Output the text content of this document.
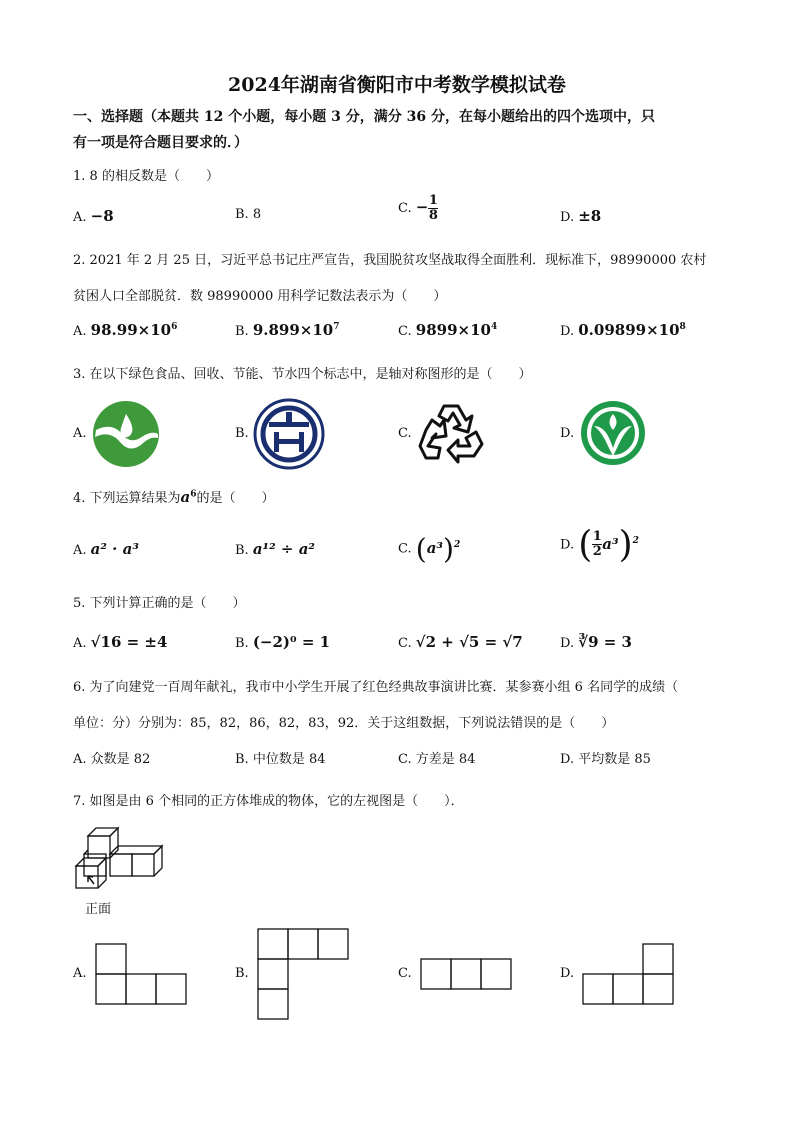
2024年湖南省衡阳市中考数学模拟试卷
一、选择题（本题共 12 个小题，每小题 3 分，满分 36 分，在每小题给出的四个选项中，只
有一项是符合题目要求的．）
1. 8 的相反数是（　　）
A. −8	B. 8	C. − $\frac{1}{8}$	D. ±8
2. 2021 年 2 月 25 日，习近平总书记庄严宣告，我国脱贫攻坚战取得全面胜利．现标准下，98990000 农村
贫困人口全部脱贫．数 98990000 用科学记数法表示为（　　）
A. $98.99\times 10^6$	B. $9.899\times 10^7$	C. $9899\times 10^4$	D. $0.09899\times 10^8$
3. 在以下绿色食品、回收、节能、节水四个标志中，是轴对称图形的是（　　）
A.	B.	C.	D.
4. 下列运算结果为$a^6$的是（　　）
A. a² · a³	B. a¹² ÷ a²	C. $(a^3)^2$	D. ( $\frac{1}{2} a^3)^2$
5. 下列计算正确的是（　　）
A. √16 = ±4	B. (−2)⁰ = 1	C. √2 + √5 = √7	D. ∛9 = 3
6. 为了向建党一百周年献礼，我市中小学生开展了红色经典故事演讲比赛．某参赛小组 6 名同学的成绩（
单位：分）分别为：85，82，86，82，83，92．关于这组数据，下列说法错误的是（　　）
A. 众数是 82	B. 中位数是 84	C. 方差是 84	D. 平均数是 85
7. 如图是由 6 个相同的正方体堆成的物体，它的左视图是（　　）．
正面
A.	B.	C.	D.
